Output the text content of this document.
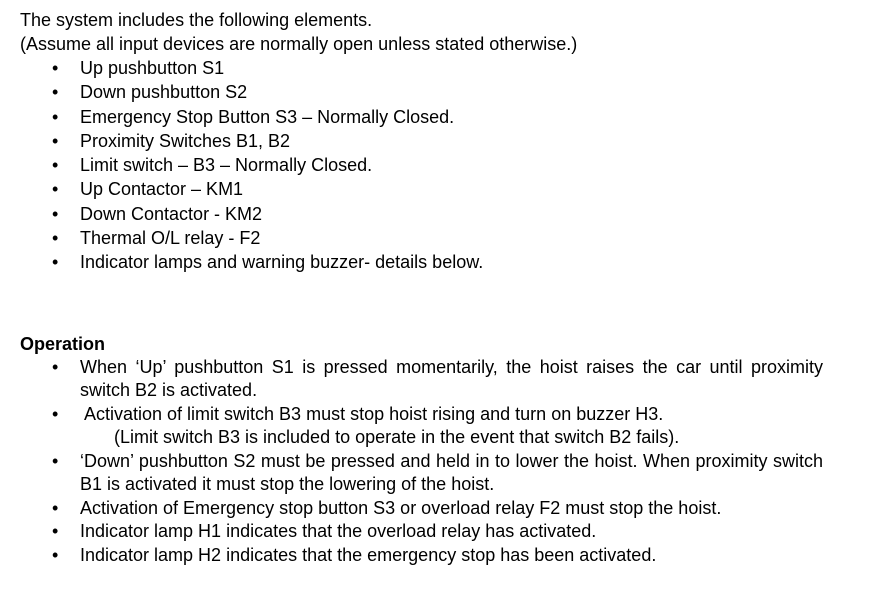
The system includes the following elements.

(Assume all input devices are normally open unless stated otherwise.)

• Up pushbutton S1
• Down pushbutton S2
• Emergency Stop Button S3 – Normally Closed.
• Proximity Switches B1, B2
• Limit switch – B3 – Normally Closed.
• Up Contactor – KM1
• Down Contactor - KM2
• Thermal O/L relay - F2
• Indicator lamps and warning buzzer- details below.
Operation
• When ‘Up’ pushbutton S1 is pressed momentarily, the hoist raises the car until proximity switch B2 is activated.
• Activation of limit switch B3 must stop hoist rising and turn on buzzer H3.
(Limit switch B3 is included to operate in the event that switch B2 fails).
• ‘Down’ pushbutton S2 must be pressed and held in to lower the hoist. When proximity switch B1 is activated it must stop the lowering of the hoist.
• Activation of Emergency stop button S3 or overload relay F2 must stop the hoist.
• Indicator lamp H1 indicates that the overload relay has activated.
• Indicator lamp H2 indicates that the emergency stop has been activated.
